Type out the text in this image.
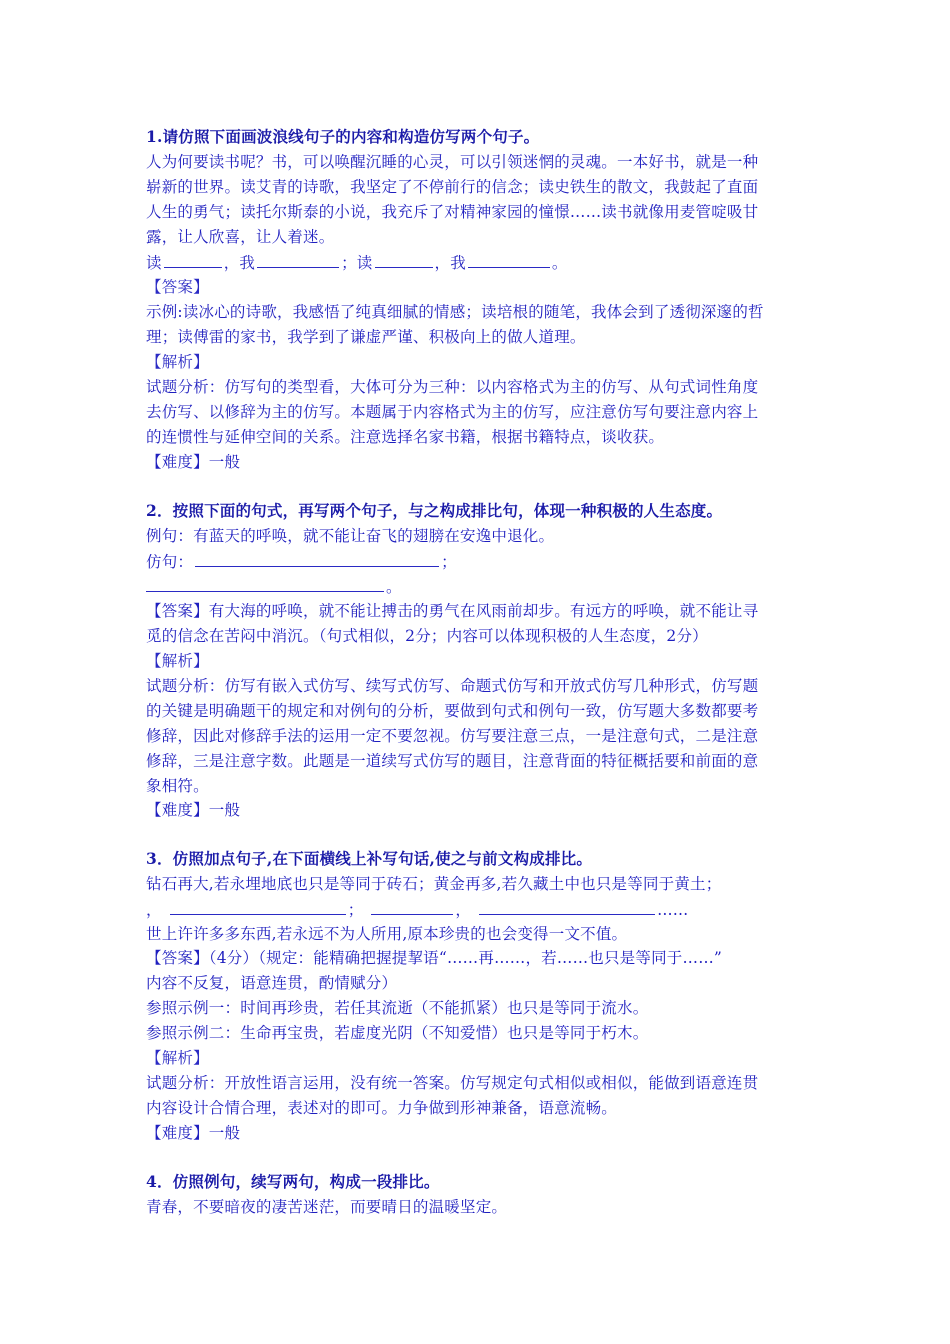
1.请仿照下面画波浪线句子的内容和构造仿写两个句子。
人为何要读书呢？书，可以唤醒沉睡的心灵，可以引领迷惘的灵魂。一本好书，就是一种
崭新的世界。读艾青的诗歌，我坚定了不停前行的信念；读史铁生的散文，我鼓起了直面
人生的勇气；读托尔斯泰的小说，我充斥了对精神家园的憧憬……读书就像用麦管啶吸甘
露，让人欣喜，让人着迷。
读	，我	；读	，我	。
【答案】
示例:读冰心的诗歌，我感悟了纯真细腻的情感；读培根的随笔，我体会到了透彻深邃的哲
理；读傅雷的家书，我学到了谦虚严谨、积极向上的做人道理。
【解析】
试题分析：仿写句的类型看，大体可分为三种：以内容格式为主的仿写、从句式词性角度
去仿写、以修辞为主的仿写。本题属于内容格式为主的仿写，应注意仿写句要注意内容上
的连惯性与延伸空间的关系。注意选择名家书籍，根据书籍特点，谈收获。
【难度】一般
2．按照下面的句式，再写两个句子，与之构成排比句，体现一种积极的人生态度。
例句：有蓝天的呼唤，就不能让奋飞的翅膀在安逸中退化。
仿句：	；
。
【答案】有大海的呼唤，就不能让搏击的勇气在风雨前却步。有远方的呼唤，就不能让寻
觅的信念在苦闷中消沉。（句式相似，2分；内容可以体现积极的人生态度，2分）
【解析】
试题分析：仿写有嵌入式仿写、续写式仿写、命题式仿写和开放式仿写几种形式，仿写题
的关键是明确题干的规定和对例句的分析，要做到句式和例句一致，仿写题大多数都要考
修辞，因此对修辞手法的运用一定不要忽视。仿写要注意三点，一是注意句式，二是注意
修辞，三是注意字数。此题是一道续写式仿写的题目，注意背面的特征概括要和前面的意
象相符。
【难度】一般
3．仿照加点句子,在下面横线上补写句话,使之与前文构成排比。
钻石再大,若永埋地底也只是等同于砖石；黄金再多,若久藏土中也只是等同于黄土；
，	；	，	……
世上许许多多东西,若永远不为人所用,原本珍贵的也会变得一文不值。
【答案】（4分）（规定：能精确把握提挈语“……再……，若……也只是等同于……”
内容不反复，语意连贯，酌情赋分）
参照示例一：时间再珍贵，若任其流逝（不能抓紧）也只是等同于流水。
参照示例二：生命再宝贵，若虚度光阴（不知爱惜）也只是等同于朽木。
【解析】
试题分析：开放性语言运用，没有统一答案。仿写规定句式相似或相似，能做到语意连贯
内容设计合情合理，表述对的即可。力争做到形神兼备，语意流畅。
【难度】一般
4．仿照例句，续写两句，构成一段排比。
青春，不要暗夜的凄苦迷茫，而要晴日的温暖坚定。
